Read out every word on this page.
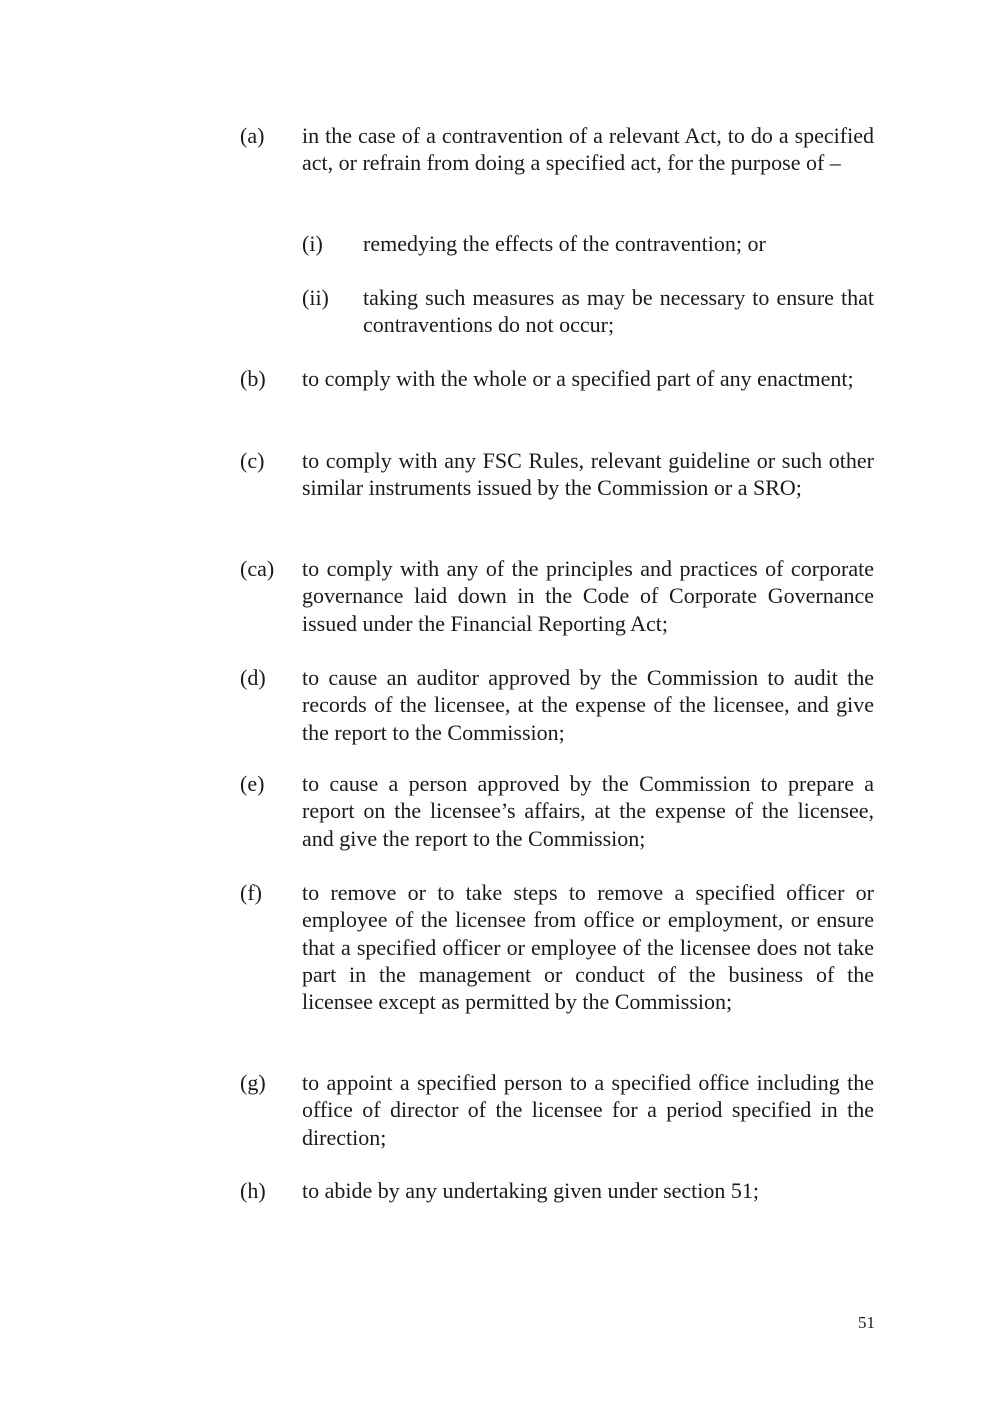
(a) in the case of a contravention of a relevant Act, to do a specified act, or refrain from doing a specified act, for the purpose of –
(i) remedying the effects of the contravention; or
(ii) taking such measures as may be necessary to ensure that contraventions do not occur;
(b) to comply with the whole or a specified part of any enactment;
(c) to comply with any FSC Rules, relevant guideline or such other similar instruments issued by the Commission or a SRO;
(ca) to comply with any of the principles and practices of corporate governance laid down in the Code of Corporate Governance issued under the Financial Reporting Act;
(d) to cause an auditor approved by the Commission to audit the records of the licensee, at the expense of the licensee, and give the report to the Commission;
(e) to cause a person approved by the Commission to prepare a report on the licensee’s affairs, at the expense of the licensee, and give the report to the Commission;
(f) to remove or to take steps to remove a specified officer or employee of the licensee from office or employment, or ensure that a specified officer or employee of the licensee does not take part in the management or conduct of the business of the licensee except as permitted by the Commission;
(g) to appoint a specified person to a specified office including the office of director of the licensee for a period specified in the direction;
(h) to abide by any undertaking given under section 51;
51
